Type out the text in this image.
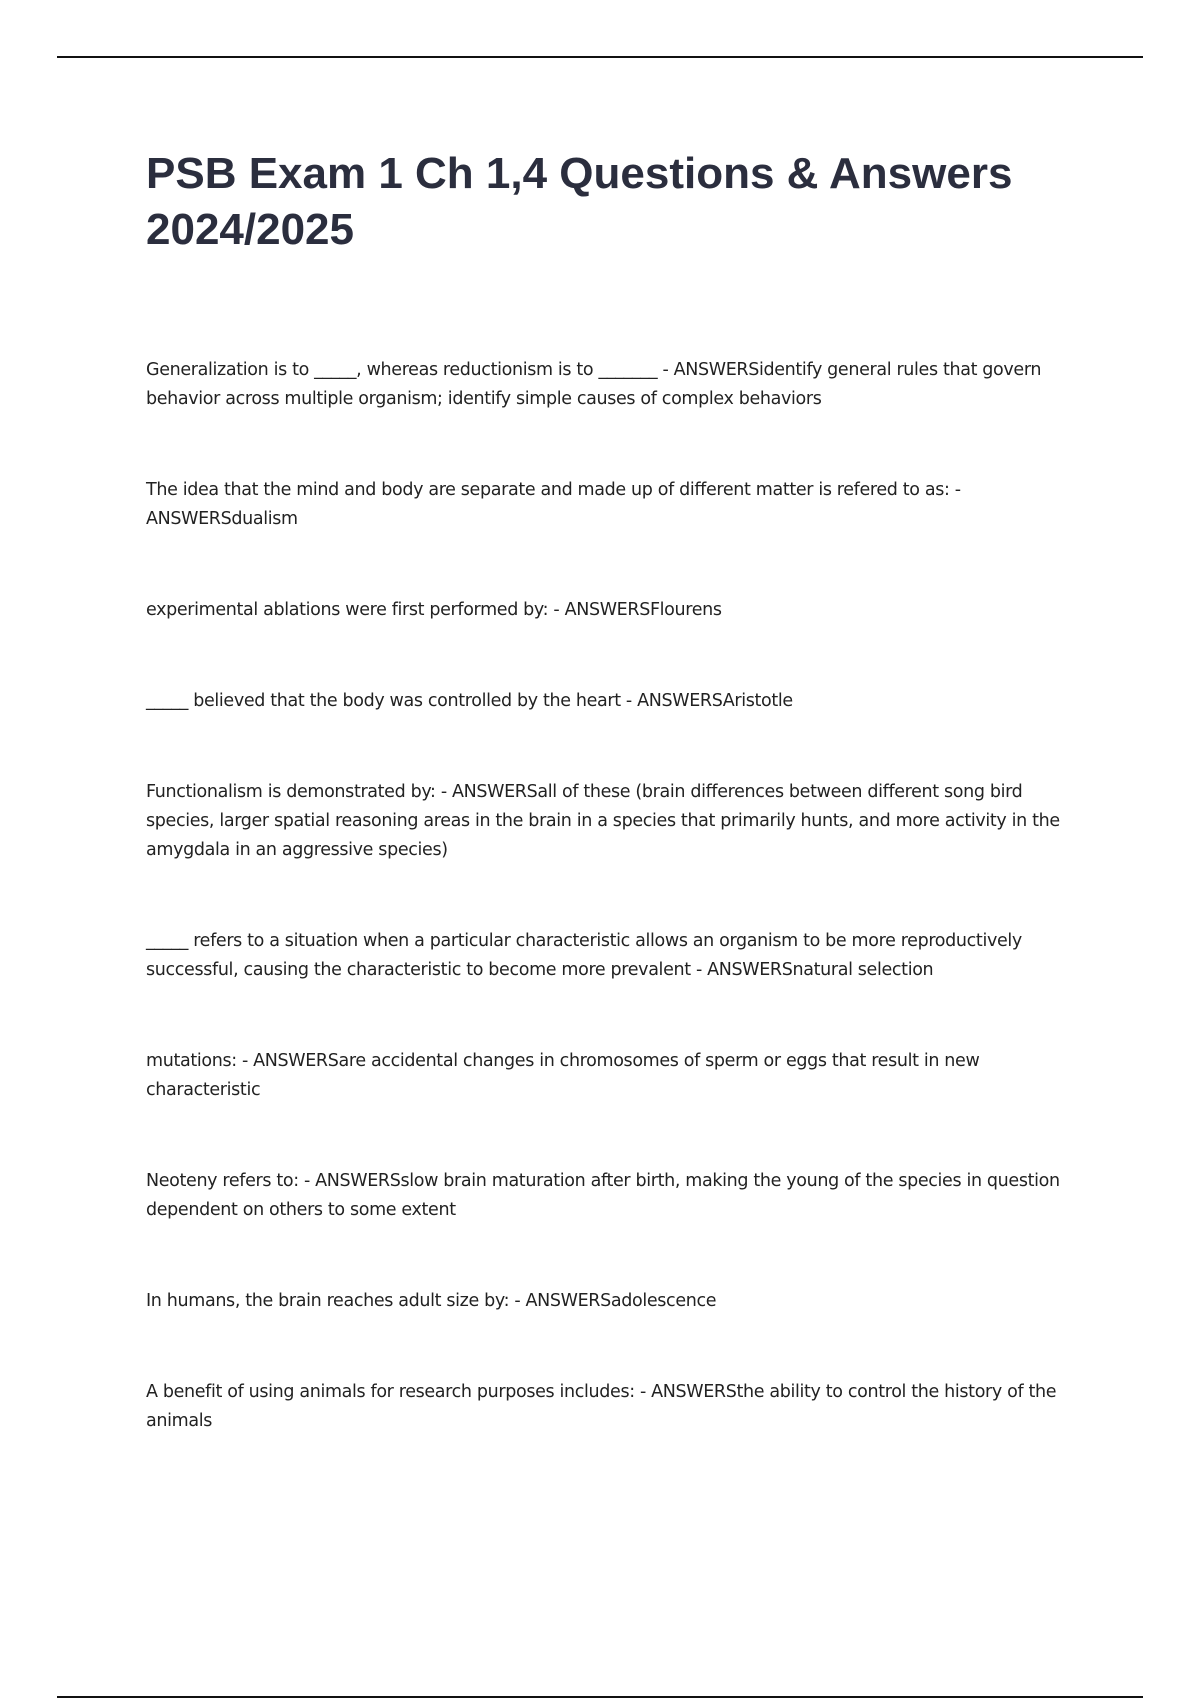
PSB Exam 1 Ch 1,4 Questions & Answers 2024/2025

Generalization is to _____, whereas reductionism is to _______ - ANSWERSidentify general rules that govern behavior across multiple organism; identify simple causes of complex behaviors

The idea that the mind and body are separate and made up of different matter is refered to as: - ANSWERSdualism

experimental ablations were first performed by: - ANSWERSFlourens

_____ believed that the body was controlled by the heart - ANSWERSAristotle

Functionalism is demonstrated by: - ANSWERSall of these (brain differences between different song bird species, larger spatial reasoning areas in the brain in a species that primarily hunts, and more activity in the amygdala in an aggressive species)

_____ refers to a situation when a particular characteristic allows an organism to be more reproductively successful, causing the characteristic to become more prevalent - ANSWERSnatural selection

mutations: - ANSWERSare accidental changes in chromosomes of sperm or eggs that result in new characteristic

Neoteny refers to: - ANSWERSslow brain maturation after birth, making the young of the species in question dependent on others to some extent

In humans, the brain reaches adult size by: - ANSWERSadolescence

A benefit of using animals for research purposes includes: - ANSWERSthe ability to control the history of the animals
